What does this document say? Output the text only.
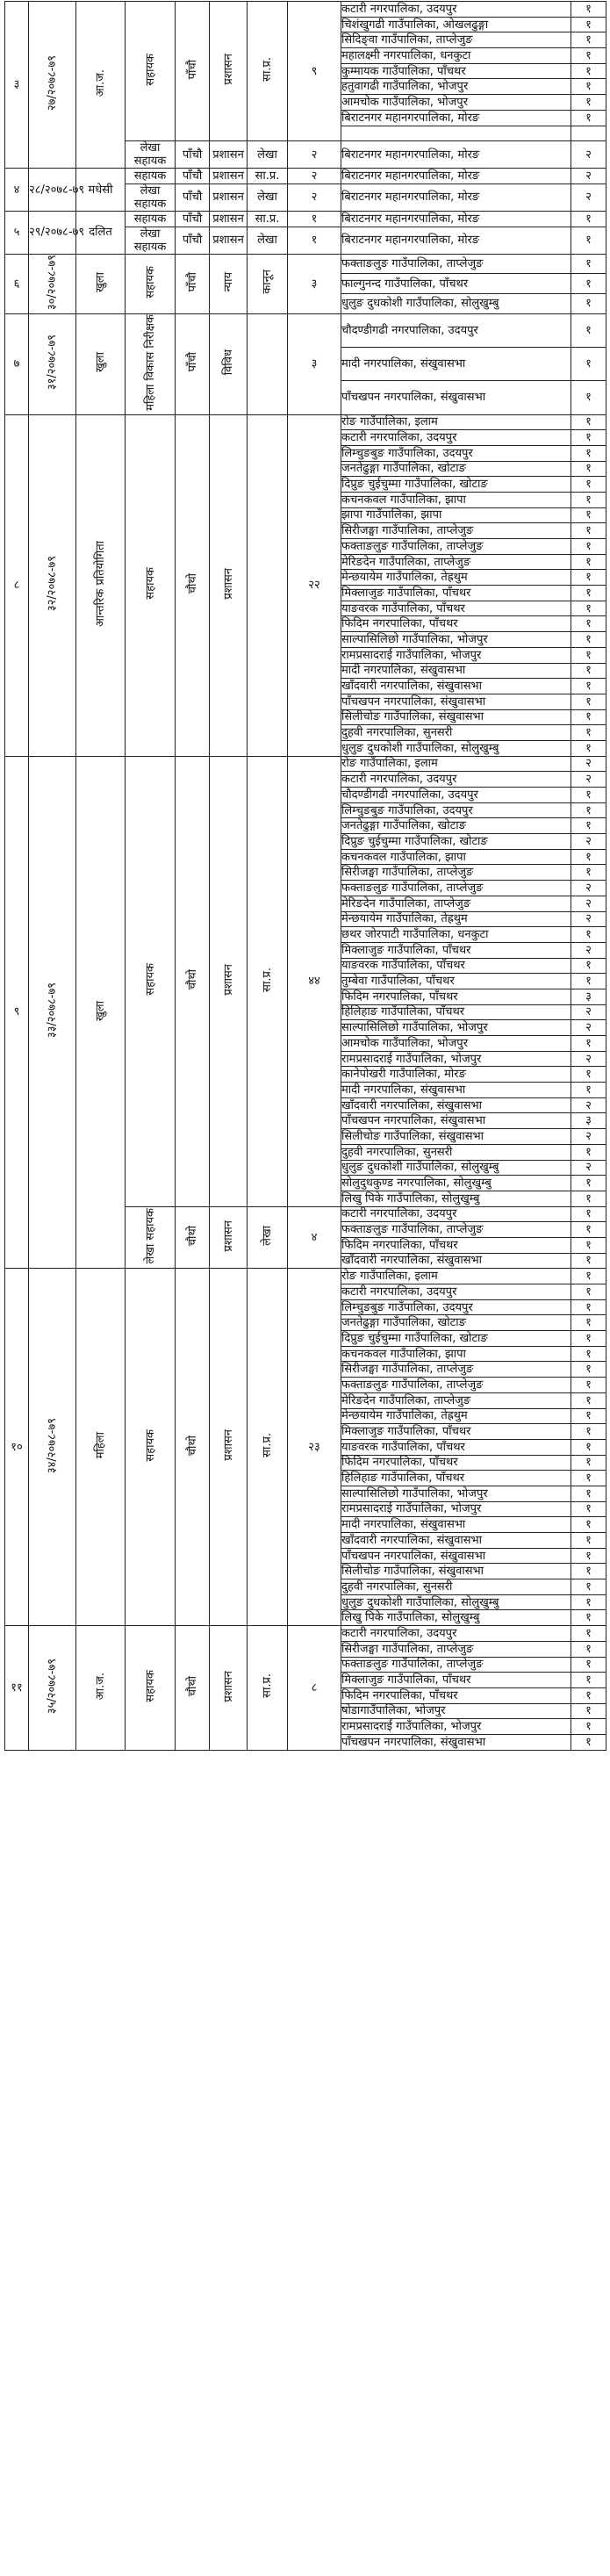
३	२७/२०७८-७९	आ.ज.	सहायक	पाँचौ	प्रशासन	सा.प्र.	९	कटारी नगरपालिका, उदयपुर	१
								चिशंखुगढी गाउँपालिका, ओखलढुङ्गा	१
								सिदिङ्वा गाउँपालिका, ताप्लेजुङ	१
								महालक्ष्मी नगरपालिका, धनकुटा	१
								कुम्मायक गाउँपालिका, पाँचथर	१
								हतुवागढी गाउँपालिका, भोजपुर	१
								आमचोक गाउँपालिका, भोजपुर	१
								बिराटनगर महानगरपालिका, मोरङ	१

			लेखा सहायक	पाँचौ	प्रशासन	लेखा	२	बिराटनगर महानगरपालिका, मोरङ	२
४	२८/२०७८-७९	मधेसी	सहायक	पाँचौ	प्रशासन	सा.प्र.	२	बिराटनगर महानगरपालिका, मोरङ	२
			लेखा सहायक	पाँचौ	प्रशासन	लेखा	२	बिराटनगर महानगरपालिका, मोरङ	२
५	२९/२०७८-७९	दलित	सहायक	पाँचौ	प्रशासन	सा.प्र.	१	बिराटनगर महानगरपालिका, मोरङ	१
			लेखा सहायक	पाँचौ	प्रशासन	लेखा	१	बिराटनगर महानगरपालिका, मोरङ	१
६	३०/२०७८-७९	खुला	सहायक	पाँचौ	न्याय	कानून	३	फक्ताङलुङ गाउँपालिका, ताप्लेजुङ	१
								फाल्गुनन्द गाउँपालिका, पाँचथर	१
								धुलुङ दुधकोशी गाउँपालिका, सोलुखुम्बु	१
७	३१/२०७८-७९	खुला	महिला विकास निरीक्षक	पाँचौ	विविध		३	चौदण्डीगढी नगरपालिका, उदयपुर	१
								मादी नगरपालिका, संखुवासभा	१
								पाँचखपन नगरपालिका, संखुवासभा	१
८	३२/२०७८-७९	आन्तरिक प्रतियोगिता	सहायक	चौथो	प्रशासन		२२	रोङ गाउँपालिका, इलाम	१
								कटारी नगरपालिका, उदयपुर	१
								लिम्चुङबुङ गाउँपालिका, उदयपुर	१
								जनतेढुङ्गा गाउँपालिका, खोटाङ	१
								दिप्रुङ चुईचुम्मा गाउँपालिका, खोटाङ	१
								कचनकवल गाउँपालिका, झापा	१
								झापा गाउँपालिका, झापा	१
								सिरीजङ्घा गाउँपालिका, ताप्लेजुङ	१
								फक्ताङलुङ गाउँपालिका, ताप्लेजुङ	१
								मेरिङदेन गाउँपालिका, ताप्लेजुङ	१
								मेन्छयायेम गाउँपालिका, तेह्रथुम	१
								मिक्लाजुङ गाउँपालिका, पाँचथर	१
								याङवरक गाउँपालिका, पाँचथर	१
								फिदिम नगरपालिका, पाँचथर	१
								साल्पासिलिछो गाउँपालिका, भोजपुर	१
								रामप्रसादराई गाउँपालिका, भोजपुर	१
								मादी नगरपालिका, संखुवासभा	१
								खाँदवारी नगरपालिका, संखुवासभा	१
								पाँचखपन नगरपालिका, संखुवासभा	१
								सिलीचोङ गाउँपालिका, संखुवासभा	१
								दुहवी नगरपालिका, सुनसरी	१
								धुलुङ दुधकोशी गाउँपालिका, सोलुखुम्बु	१
९	३३/२०७८-७९	खुला	सहायक	चौथो	प्रशासन	सा.प्र.	४४	रोङ गाउँपालिका, इलाम	२
								कटारी नगरपालिका, उदयपुर	२
								चौदण्डीगढी नगरपालिका, उदयपुर	१
								लिम्चुङबुङ गाउँपालिका, उदयपुर	१
								जनतेढुङ्गा गाउँपालिका, खोटाङ	१
								दिप्रुङ चुईचुम्मा गाउँपालिका, खोटाङ	२
								कचनकवल गाउँपालिका, झापा	१
								सिरीजङ्घा गाउँपालिका, ताप्लेजुङ	१
								फक्ताङलुङ गाउँपालिका, ताप्लेजुङ	२
								मेरिङदेन गाउँपालिका, ताप्लेजुङ	२
								मेन्छयायेम गाउँपालिका, तेह्रथुम	२
								छथर जोरपाटी गाउँपालिका, धनकुटा	१
								मिक्लाजुङ गाउँपालिका, पाँचथर	२
								याङवरक गाउँपालिका, पाँचथर	१
								तुम्बेवा गाउँपालिका, पाँचथर	१
								फिदिम नगरपालिका, पाँचथर	३
								हिलिहाङ गाउँपालिका, पाँचथर	२
								साल्पासिलिछो गाउँपालिका, भोजपुर	२
								आमचोक गाउँपालिका, भोजपुर	१
								रामप्रसादराई गाउँपालिका, भोजपुर	२
								कानेपोखरी गाउँपालिका, मोरङ	१
								मादी नगरपालिका, संखुवासभा	१
								खाँदवारी नगरपालिका, संखुवासभा	२
								पाँचखपन नगरपालिका, संखुवासभा	३
								सिलीचोङ गाउँपालिका, संखुवासभा	२
								दुहवी नगरपालिका, सुनसरी	१
								धुलुङ दुधकोशी गाउँपालिका, सोलुखुम्बु	२
								सोलुदुधकुण्ड नगरपालिका, सोलुखुम्बु	१
								लिखु पिके गाउँपालिका, सोलुखुम्बु	१
			लेखा सहायक	चौथो	प्रशासन	लेखा	४	कटारी नगरपालिका, उदयपुर	१
								फक्ताङलुङ गाउँपालिका, ताप्लेजुङ	१
								फिदिम नगरपालिका, पाँचथर	१
								खाँदवारी नगरपालिका, संखुवासभा	१
१०	३४/२०७८-७९	महिला	सहायक	चौथो	प्रशासन	सा.प्र.	२३	रोङ गाउँपालिका, इलाम	१
								कटारी नगरपालिका, उदयपुर	१
								लिम्चुङबुङ गाउँपालिका, उदयपुर	१
								जनतेढुङ्गा गाउँपालिका, खोटाङ	१
								दिप्रुङ चुईचुम्मा गाउँपालिका, खोटाङ	१
								कचनकवल गाउँपालिका, झापा	१
								सिरीजङ्घा गाउँपालिका, ताप्लेजुङ	१
								फक्ताङलुङ गाउँपालिका, ताप्लेजुङ	१
								मेरिङदेन गाउँपालिका, ताप्लेजुङ	१
								मेन्छयायेम गाउँपालिका, तेह्रथुम	१
								मिक्लाजुङ गाउँपालिका, पाँचथर	१
								याङवरक गाउँपालिका, पाँचथर	१
								फिदिम नगरपालिका, पाँचथर	१
								हिलिहाङ गाउँपालिका, पाँचथर	१
								साल्पासिलिछो गाउँपालिका, भोजपुर	१
								रामप्रसादराई गाउँपालिका, भोजपुर	१
								मादी नगरपालिका, संखुवासभा	१
								खाँदवारी नगरपालिका, संखुवासभा	१
								पाँचखपन नगरपालिका, संखुवासभा	१
								सिलीचोङ गाउँपालिका, संखुवासभा	१
								दुहवी नगरपालिका, सुनसरी	१
								धुलुङ दुधकोशी गाउँपालिका, सोलुखुम्बु	१
								लिखु पिके गाउँपालिका, सोलुखुम्बु	१
११	३५/२०७८-७९	आ.ज.	सहायक	चौथो	प्रशासन	सा.प्र.	८	कटारी नगरपालिका, उदयपुर	१
								सिरीजङ्घा गाउँपालिका, ताप्लेजुङ	१
								फक्ताङलुङ गाउँपालिका, ताप्लेजुङ	१
								मिक्लाजुङ गाउँपालिका, पाँचथर	१
								फिदिम नगरपालिका, पाँचथर	१
								षोडागाउँपालिका, भोजपुर	१
								रामप्रसादराई गाउँपालिका, भोजपुर	१
								पाँचखपन नगरपालिका, संखुवासभा	१
